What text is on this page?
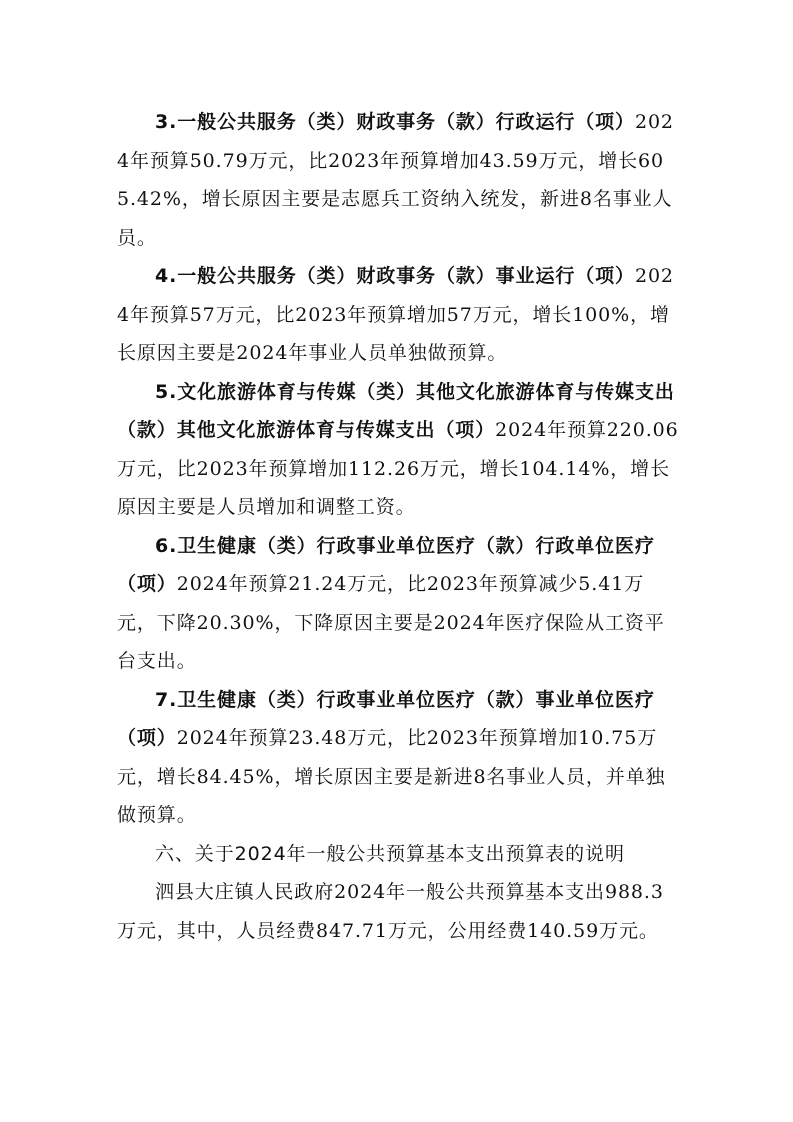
3.一般公共服务（类）财政事务（款）行政运行（项）2024年预算50.79万元，比2023年预算增加43.59万元，增长605.42%，增长原因主要是志愿兵工资纳入统发，新进8名事业人员。

4.一般公共服务（类）财政事务（款）事业运行（项）2024年预算57万元，比2023年预算增加57万元，增长100%，增长原因主要是2024年事业人员单独做预算。

5.文化旅游体育与传媒（类）其他文化旅游体育与传媒支出（款）其他文化旅游体育与传媒支出（项）2024年预算220.06万元，比2023年预算增加112.26万元，增长104.14%，增长原因主要是人员增加和调整工资。

6.卫生健康（类）行政事业单位医疗（款）行政单位医疗（项）2024年预算21.24万元，比2023年预算减少5.41万元，下降20.30%，下降原因主要是2024年医疗保险从工资平台支出。

7.卫生健康（类）行政事业单位医疗（款）事业单位医疗（项）2024年预算23.48万元，比2023年预算增加10.75万元，增长84.45%，增长原因主要是新进8名事业人员，并单独做预算。

六、关于2024年一般公共预算基本支出预算表的说明

泗县大庄镇人民政府2024年一般公共预算基本支出988.3万元，其中，人员经费847.71万元，公用经费140.59万元。
